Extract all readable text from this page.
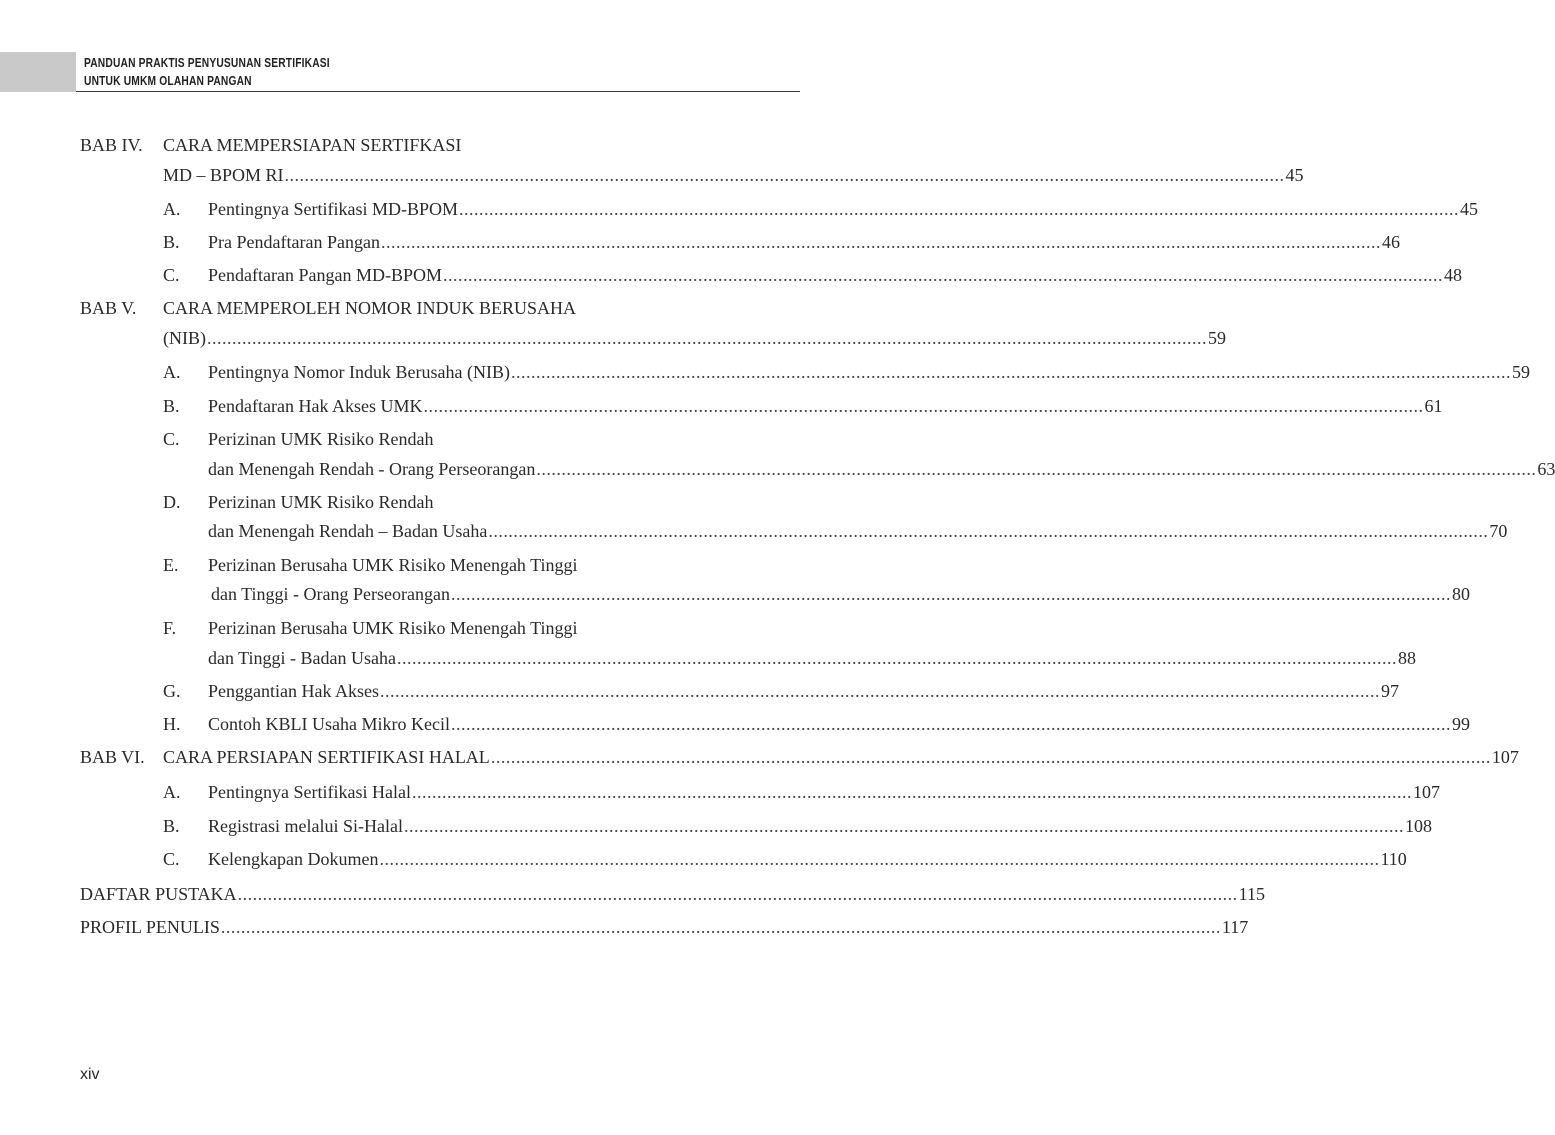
PANDUAN PRAKTIS PENYUSUNAN SERTIFIKASI
UNTUK UMKM OLAHAN PANGAN
BAB IV. CARA MEMPERSIAPAN SERTIFKASI
MD – BPOM RI ........................................................................................................................................................................................................ 45
A. Pentingnya Sertifikasi MD-BPOM ........................................................................................................................................................................................................ 45
B. Pra Pendaftaran Pangan ........................................................................................................................................................................................................ 46
C. Pendaftaran Pangan MD-BPOM ........................................................................................................................................................................................................ 48
BAB V. CARA MEMPEROLEH NOMOR INDUK BERUSAHA
(NIB) ........................................................................................................................................................................................................ 59
A. Pentingnya Nomor Induk Berusaha (NIB) ........................................................................................................................................................................................................ 59
B. Pendaftaran Hak Akses UMK ........................................................................................................................................................................................................ 61
C. Perizinan UMK Risiko Rendah
dan Menengah Rendah - Orang Perseorangan ........................................................................................................................................................................................................ 63
D. Perizinan UMK Risiko Rendah
dan Menengah Rendah – Badan Usaha ........................................................................................................................................................................................................ 70
E. Perizinan Berusaha UMK Risiko Menengah Tinggi
dan Tinggi - Orang Perseorangan ........................................................................................................................................................................................................ 80
F. Perizinan Berusaha UMK Risiko Menengah Tinggi
dan Tinggi - Badan Usaha ........................................................................................................................................................................................................ 88
G. Penggantian Hak Akses ........................................................................................................................................................................................................ 97
H. Contoh KBLI Usaha Mikro Kecil ........................................................................................................................................................................................................ 99
BAB VI. CARA PERSIAPAN SERTIFIKASI HALAL ........................................................................................................................................................................................................ 107
A. Pentingnya Sertifikasi Halal ........................................................................................................................................................................................................ 107
B. Registrasi melalui Si-Halal ........................................................................................................................................................................................................ 108
C. Kelengkapan Dokumen ........................................................................................................................................................................................................ 110
DAFTAR PUSTAKA ........................................................................................................................................................................................................ 115
PROFIL PENULIS ........................................................................................................................................................................................................ 117
xiv
